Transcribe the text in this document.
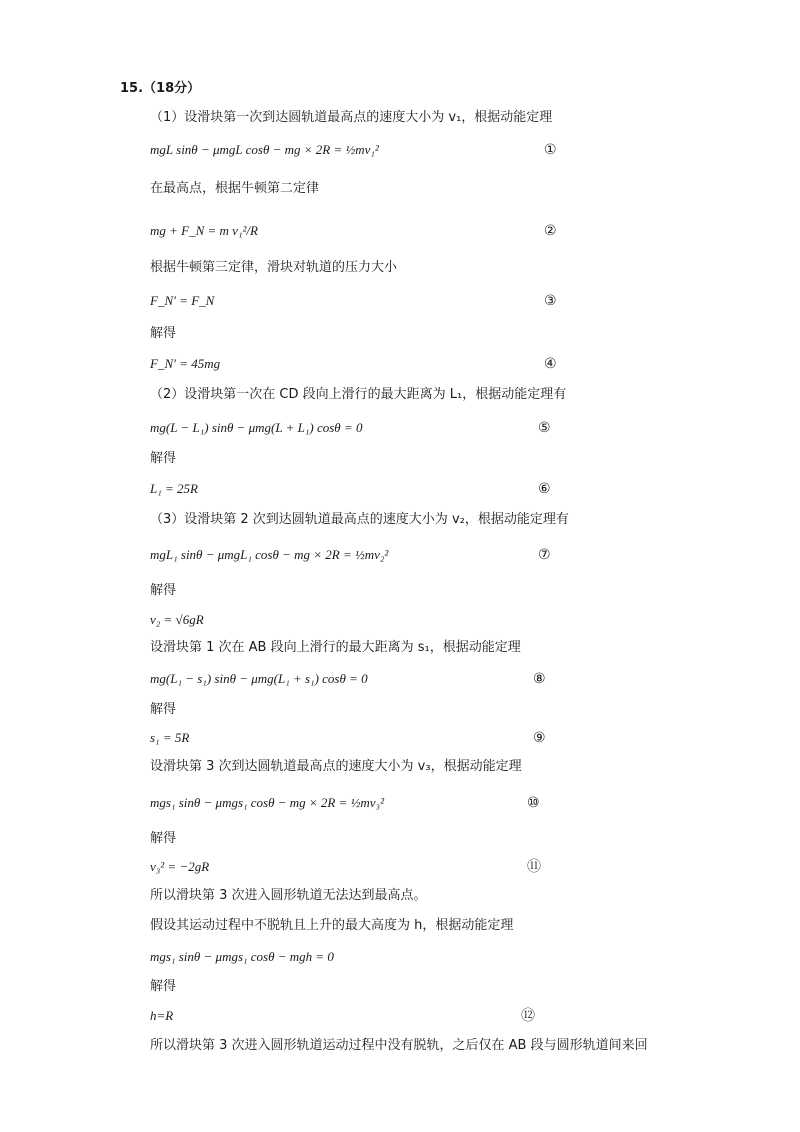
15.（18分）
（1）设滑块第一次到达圆轨道最高点的速度大小为 v₁，根据动能定理
mgL sinθ − μmgL cosθ − mg × 2R = ½mv₁²	①
在最高点，根据牛顿第二定律
mg + F_N = m v₁²/R	②
根据牛顿第三定律，滑块对轨道的压力大小
F_N′ = F_N	③
解得
F_N′ = 45mg	④
（2）设滑块第一次在 CD 段向上滑行的最大距离为 L₁，根据动能定理有
mg(L − L₁) sinθ − μmg(L + L₁) cosθ = 0	⑤
解得
L₁ = 25R	⑥
（3）设滑块第 2 次到达圆轨道最高点的速度大小为 v₂，根据动能定理有
mgL₁ sinθ − μmgL₁ cosθ − mg × 2R = ½mv₂²	⑦
解得
v₂ = √6gR
设滑块第 1 次在 AB 段向上滑行的最大距离为 s₁，根据动能定理
mg(L₁ − s₁) sinθ − μmg(L₁ + s₁) cosθ = 0	⑧
解得
s₁ = 5R	⑨
设滑块第 3 次到达圆轨道最高点的速度大小为 v₃，根据动能定理
mgs₁ sinθ − μmgs₁ cosθ − mg × 2R = ½mv₃²	⑩
解得
v₃² = −2gR	⑪
所以滑块第 3 次进入圆形轨道无法达到最高点。
假设其运动过程中不脱轨且上升的最大高度为 h，根据动能定理
mgs₁ sinθ − μmgs₁ cosθ − mgh = 0
解得
h=R	⑫
所以滑块第 3 次进入圆形轨道运动过程中没有脱轨，之后仅在 AB 段与圆形轨道间来回
